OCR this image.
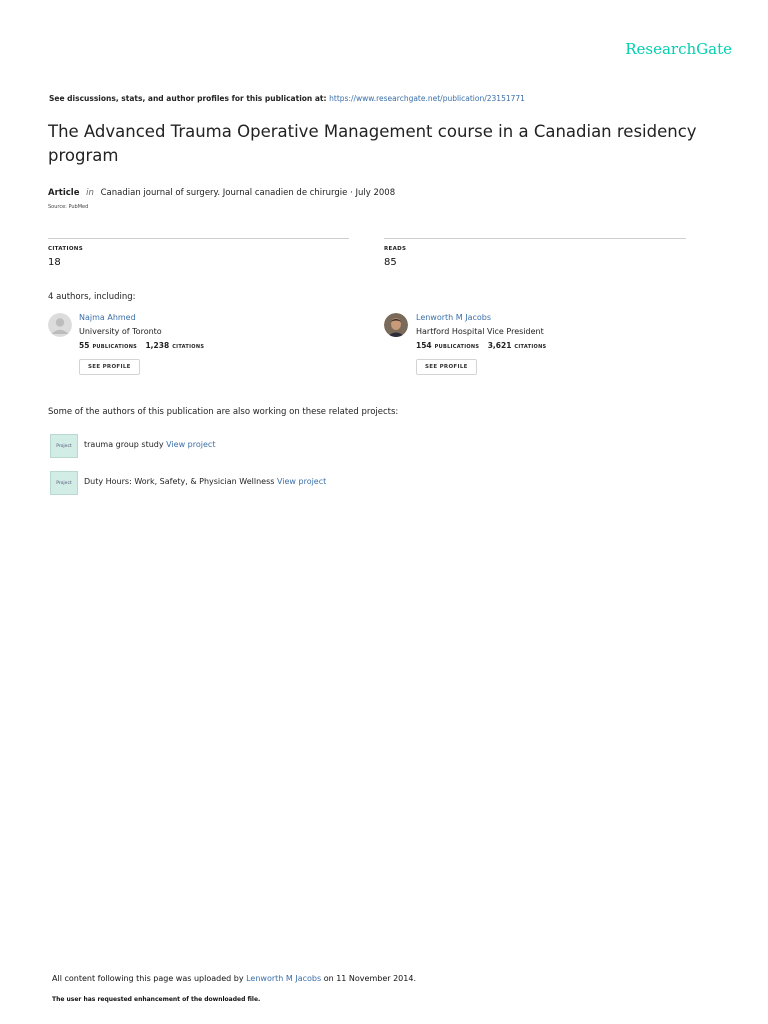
ResearchGate
See discussions, stats, and author profiles for this publication at: https://www.researchgate.net/publication/23151771
The Advanced Trauma Operative Management course in a Canadian residency program
Article in Canadian journal of surgery. Journal canadien de chirurgie · July 2008
Source: PubMed
CITATIONS
18
READS
85
4 authors, including:
Najma Ahmed
University of Toronto
55 PUBLICATIONS 1,238 CITATIONS
SEE PROFILE
Lenworth M Jacobs
Hartford Hospital Vice President
154 PUBLICATIONS 3,621 CITATIONS
SEE PROFILE
Some of the authors of this publication are also working on these related projects:
Project trauma group study View project
Project Duty Hours: Work, Safety, & Physician Wellness View project
All content following this page was uploaded by Lenworth M Jacobs on 11 November 2014.
The user has requested enhancement of the downloaded file.
